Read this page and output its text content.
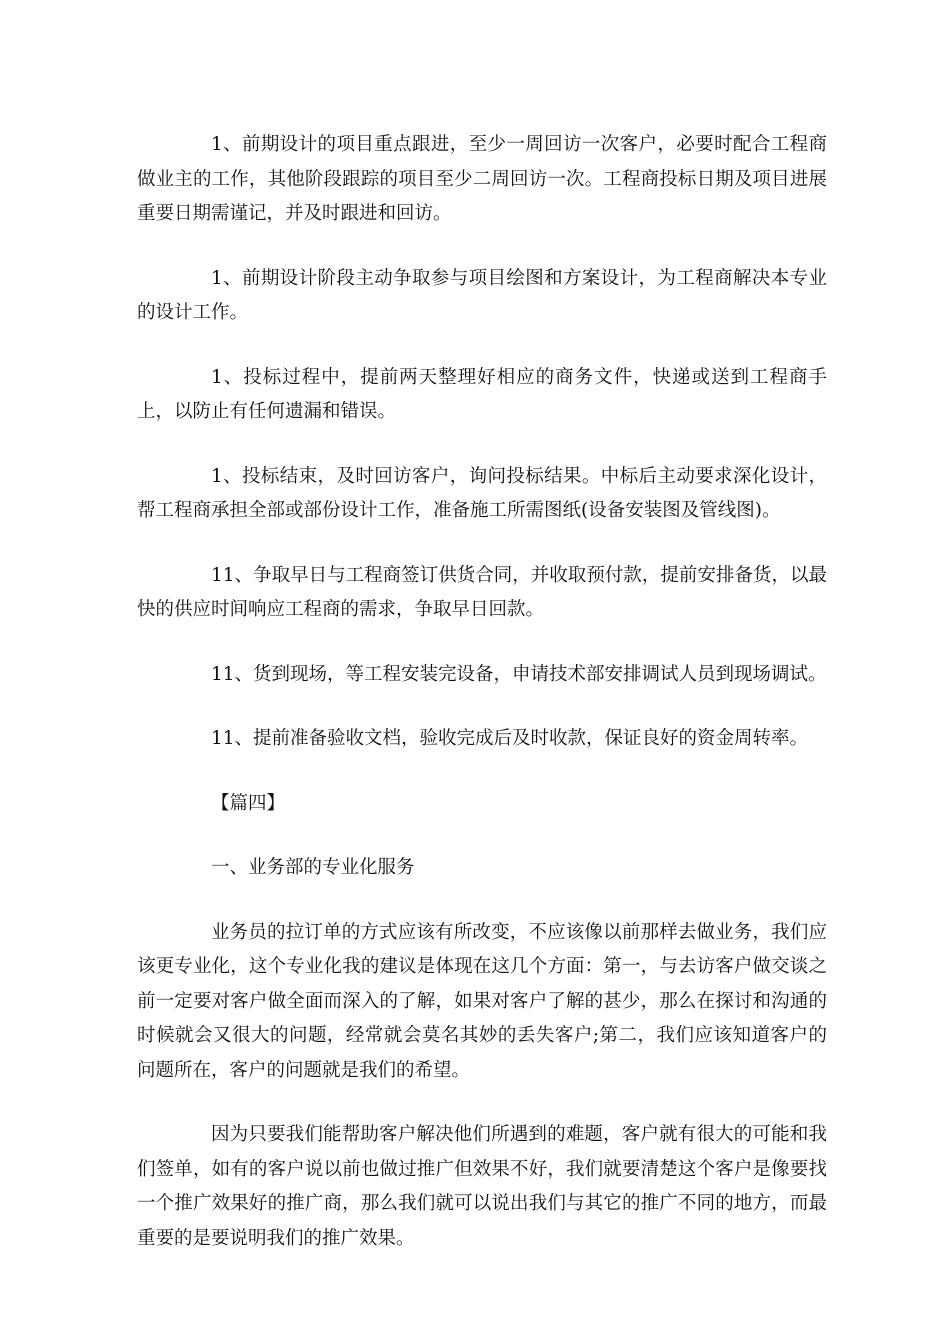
1、前期设计的项目重点跟进，至少一周回访一次客户，必要时配合工程商做业主的工作，其他阶段跟踪的项目至少二周回访一次。工程商投标日期及项目进展重要日期需谨记，并及时跟进和回访。

1、前期设计阶段主动争取参与项目绘图和方案设计，为工程商解决本专业的设计工作。

1、投标过程中，提前两天整理好相应的商务文件，快递或送到工程商手上，以防止有任何遗漏和错误。

1、投标结束，及时回访客户，询问投标结果。中标后主动要求深化设计，帮工程商承担全部或部份设计工作，准备施工所需图纸(设备安装图及管线图)。

11、争取早日与工程商签订供货合同，并收取预付款，提前安排备货，以最快的供应时间响应工程商的需求，争取早日回款。

11、货到现场，等工程安装完设备，申请技术部安排调试人员到现场调试。

11、提前准备验收文档，验收完成后及时收款，保证良好的资金周转率。

【篇四】

一、业务部的专业化服务

业务员的拉订单的方式应该有所改变，不应该像以前那样去做业务，我们应该更专业化，这个专业化我的建议是体现在这几个方面：第一，与去访客户做交谈之前一定要对客户做全面而深入的了解，如果对客户了解的甚少，那么在探讨和沟通的时候就会又很大的问题，经常就会莫名其妙的丢失客户;第二，我们应该知道客户的问题所在，客户的问题就是我们的希望。

因为只要我们能帮助客户解决他们所遇到的难题，客户就有很大的可能和我们签单，如有的客户说以前也做过推广但效果不好，我们就要清楚这个客户是像要找一个推广效果好的推广商，那么我们就可以说出我们与其它的推广不同的地方，而最重要的是要说明我们的推广效果。
